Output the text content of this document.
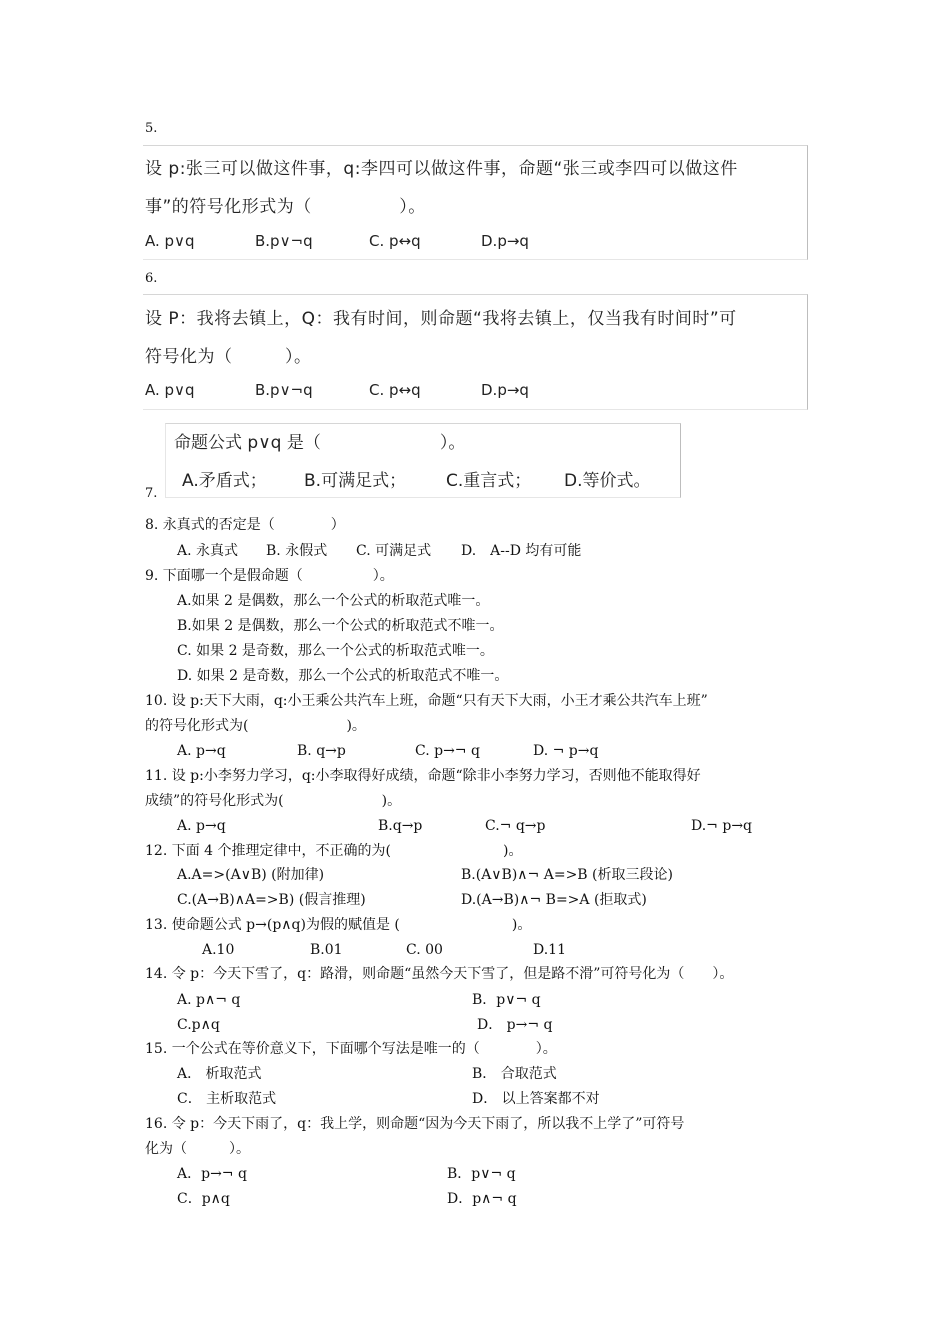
5.
设 p:张三可以做这件事，q:李四可以做这件事，命题“张三或李四可以做这件
事”的符号化形式为（　　　　　）。
A. p∨q	B.p∨¬q	C. p↔q	D.p→q
6.
设 P：我将去镇上，Q：我有时间，则命题“我将去镇上，仅当我有时间时”可
符号化为（　　　）。
A. p∨q	B.p∨¬q	C. p↔q	D.p→q
命题公式 p∨q 是（　　　　　　　）。
A.矛盾式； B.可满足式； C.重言式； D.等价式。
7.
8. 永真式的否定是（　　　　）
A. 永真式 B. 永假式 C. 可满足式 D.　A--D 均有可能
9. 下面哪一个是假命题（　　　　　）。
A.如果 2 是偶数，那么一个公式的析取范式唯一。
B.如果 2 是偶数，那么一个公式的析取范式不唯一。
C. 如果 2 是奇数，那么一个公式的析取范式唯一。
D. 如果 2 是奇数，那么一个公式的析取范式不唯一。
10. 设 p:天下大雨，q:小王乘公共汽车上班，命题“只有天下大雨，小王才乘公共汽车上班”
的符号化形式为(　　　　　　　)。
A. p→q	B. q→p	C. p→¬ q	D. ¬ p→q
11. 设 p:小李努力学习，q:小李取得好成绩，命题“除非小李努力学习，否则他不能取得好
成绩”的符号化形式为(　　　　　　　)。
A. p→q	B.q→p	C.¬ q→p	D.¬ p→q
12. 下面 4 个推理定律中，不正确的为(　　　　　　　　)。
A.A=>(A∨B) (附加律)	B.(A∨B)∧¬ A=>B (析取三段论)
C.(A→B)∧A=>B) (假言推理)	D.(A→B)∧¬ B=>A (拒取式)
13. 使命题公式 p→(p∧q)为假的赋值是 (　　　　　　　　)。
A.10	B.01	C. 00	D.11
14. 令 p：今天下雪了，q：路滑，则命题“虽然今天下雪了，但是路不滑”可符号化为（　　）。
A. p∧¬ q	B．p∨¬ q
C.p∧q	D． p→¬ q
15. 一个公式在等价意义下，下面哪个写法是唯一的（　　　　）。
A． 析取范式	B． 合取范式
C． 主析取范式	D． 以上答案都不对
16. 令 p：今天下雨了，q：我上学，则命题“因为今天下雨了，所以我不上学了”可符号
化为（　　　）。
A．p→¬ q	B．p∨¬ q
C．p∧q	D．p∧¬ q
